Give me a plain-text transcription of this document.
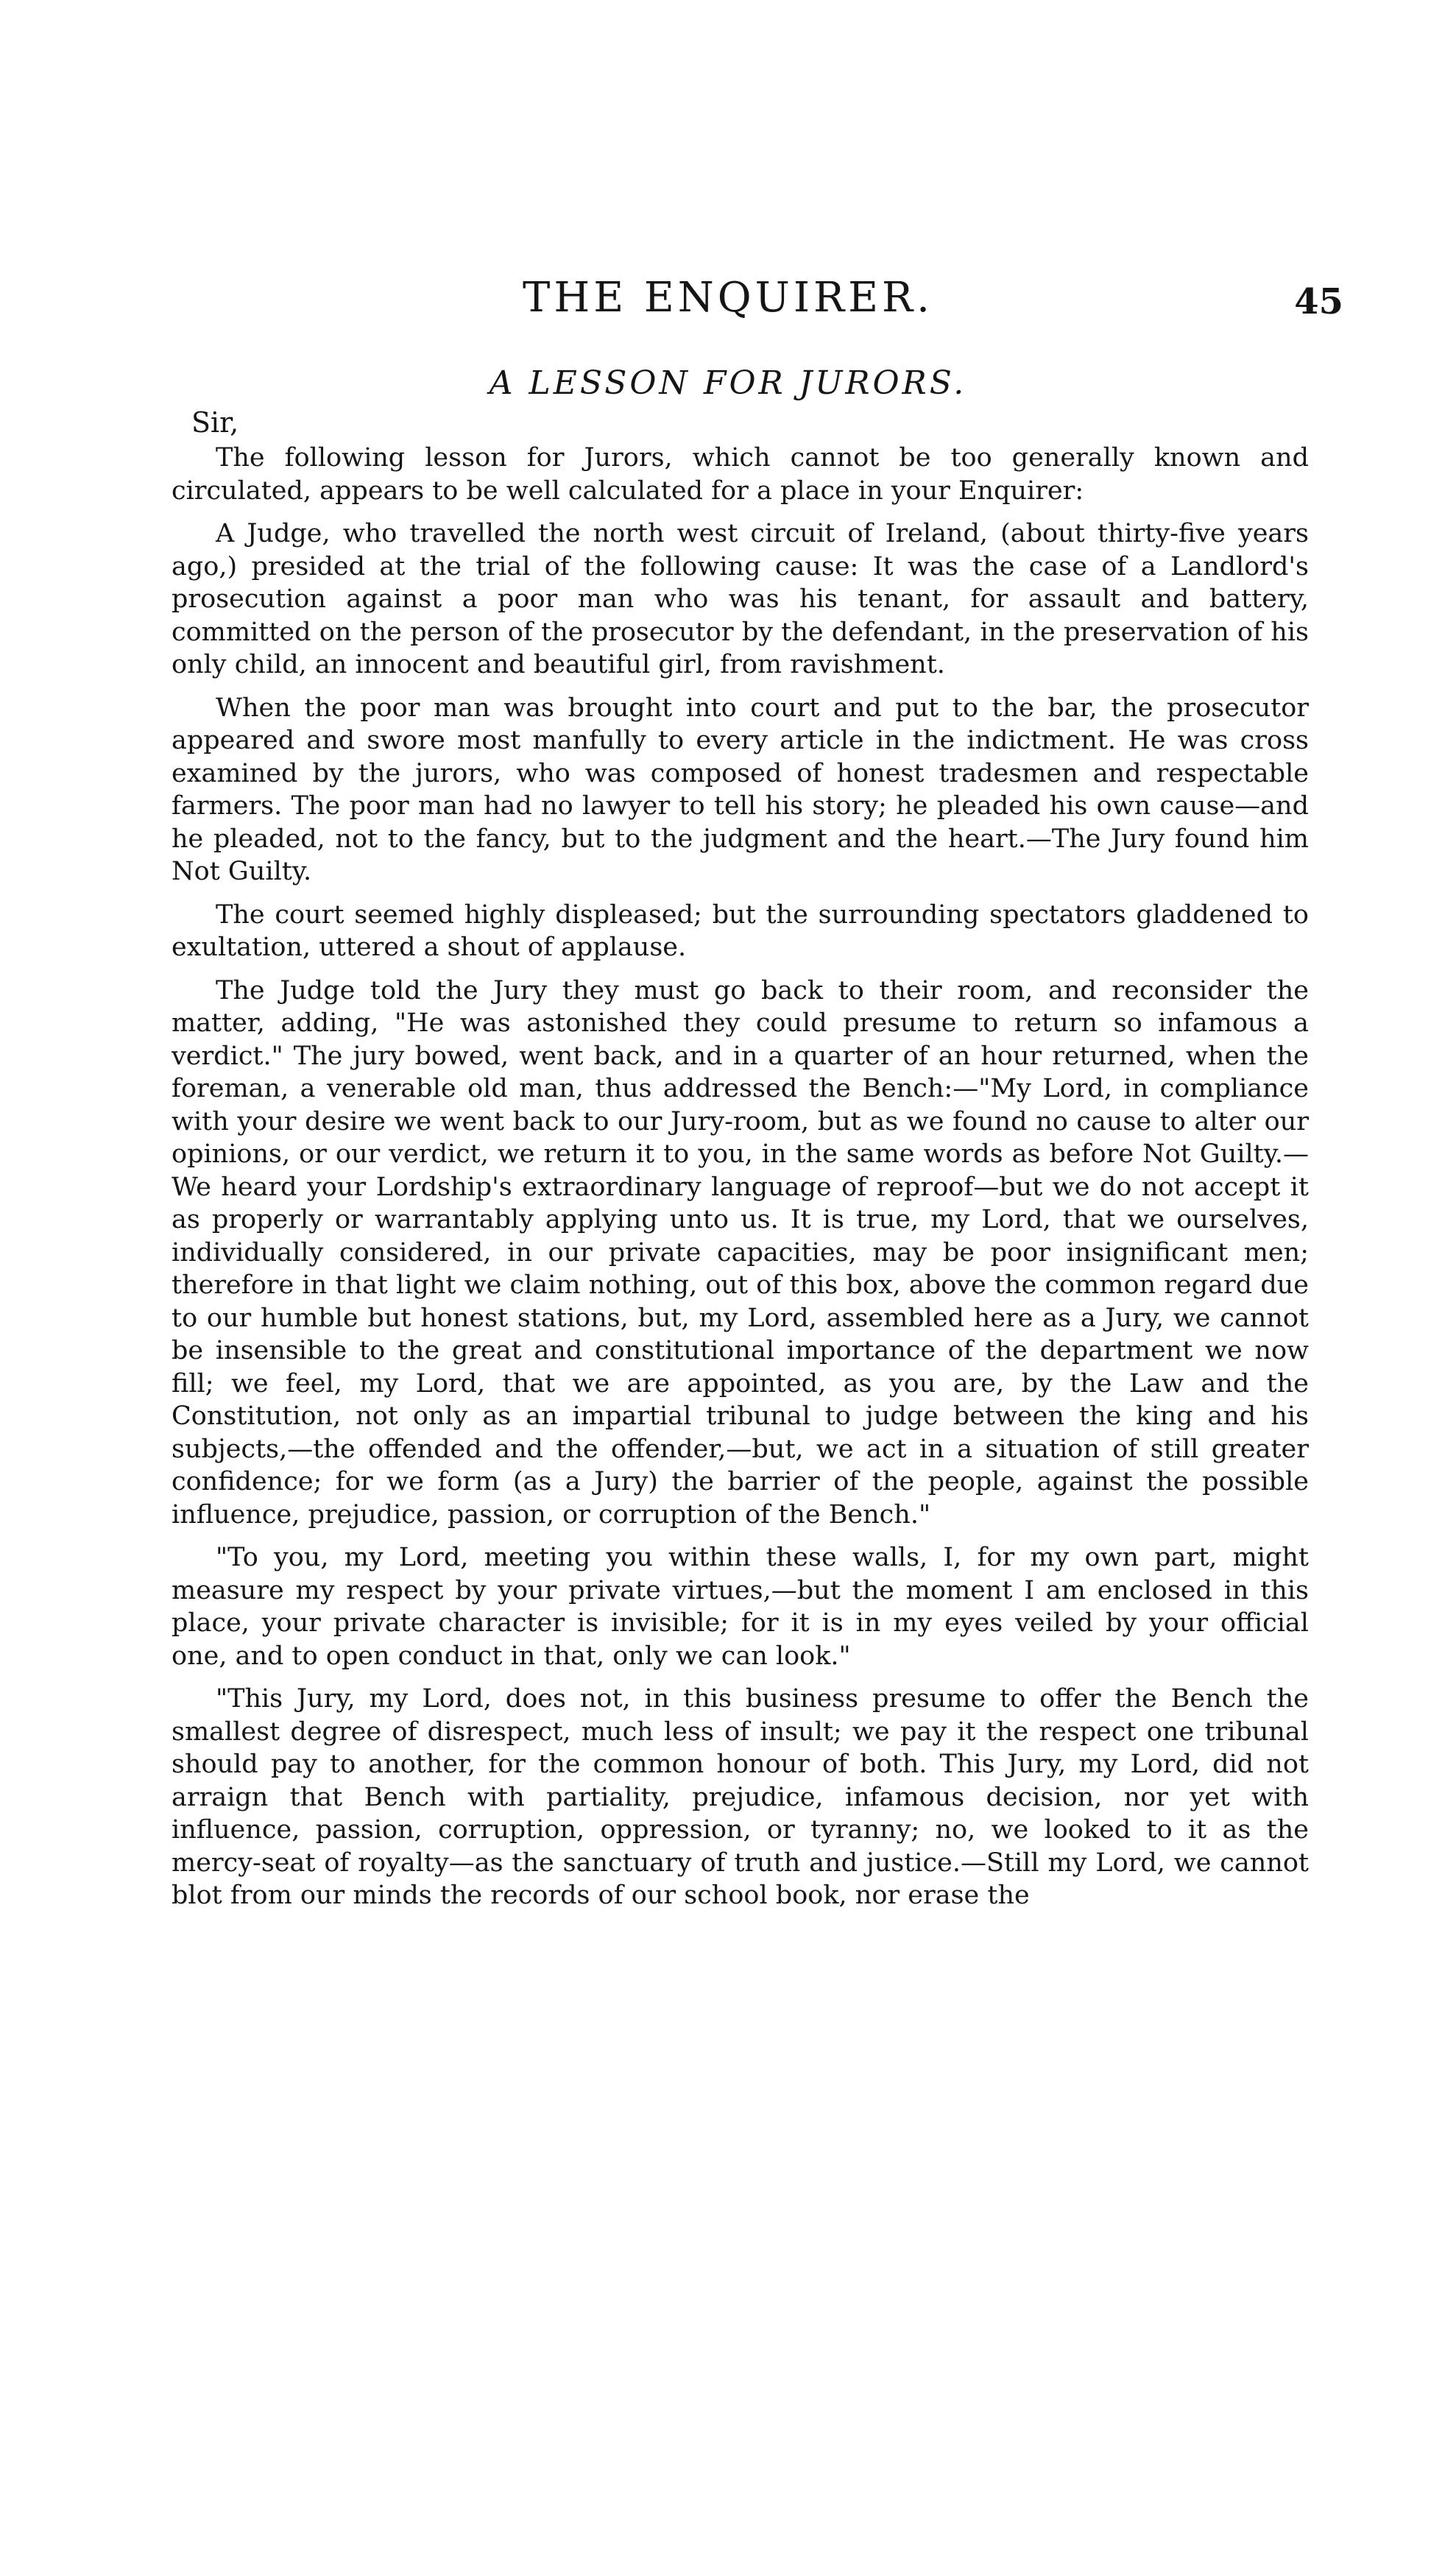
THE ENQUIRER.	45
A LESSON FOR JURORS.
Sir,

The following lesson for Jurors, which cannot be too generally known and circulated, appears to be well calculated for a place in your Enquirer:

A Judge, who travelled the north west circuit of Ireland, (about thirty-five years ago,) presided at the trial of the following cause: It was the case of a Landlord's prosecution against a poor man who was his tenant, for assault and battery, committed on the person of the prosecutor by the defendant, in the preservation of his only child, an innocent and beautiful girl, from ravishment.

When the poor man was brought into court and put to the bar, the prosecutor appeared and swore most manfully to every article in the indictment. He was cross examined by the jurors, who was composed of honest tradesmen and respectable farmers. The poor man had no lawyer to tell his story; he pleaded his own cause—and he pleaded, not to the fancy, but to the judgment and the heart.—The Jury found him Not Guilty.

The court seemed highly displeased; but the surrounding spectators gladdened to exultation, uttered a shout of applause.

The Judge told the Jury they must go back to their room, and reconsider the matter, adding, "He was astonished they could presume to return so infamous a verdict." The jury bowed, went back, and in a quarter of an hour returned, when the foreman, a venerable old man, thus addressed the Bench:—"My Lord, in compliance with your desire we went back to our Jury-room, but as we found no cause to alter our opinions, or our verdict, we return it to you, in the same words as before Not Guilty.—We heard your Lordship's extraordinary language of reproof—but we do not accept it as properly or warrantably applying unto us. It is true, my Lord, that we ourselves, individually considered, in our private capacities, may be poor insignificant men; therefore in that light we claim nothing, out of this box, above the common regard due to our humble but honest stations, but, my Lord, assembled here as a Jury, we cannot be insensible to the great and constitutional importance of the department we now fill; we feel, my Lord, that we are appointed, as you are, by the Law and the Constitution, not only as an impartial tribunal to judge between the king and his subjects,—the offended and the offender,—but, we act in a situation of still greater confidence; for we form (as a Jury) the barrier of the people, against the possible influence, prejudice, passion, or corruption of the Bench."

"To you, my Lord, meeting you within these walls, I, for my own part, might measure my respect by your private virtues,—but the moment I am enclosed in this place, your private character is invisible; for it is in my eyes veiled by your official one, and to open conduct in that, only we can look."

"This Jury, my Lord, does not, in this business presume to offer the Bench the smallest degree of disrespect, much less of insult; we pay it the respect one tribunal should pay to another, for the common honour of both. This Jury, my Lord, did not arraign that Bench with partiality, prejudice, infamous decision, nor yet with influence, passion, corruption, oppression, or tyranny; no, we looked to it as the mercy-seat of royalty—as the sanctuary of truth and justice.—Still my Lord, we cannot blot from our minds the records of our school book, nor erase the
